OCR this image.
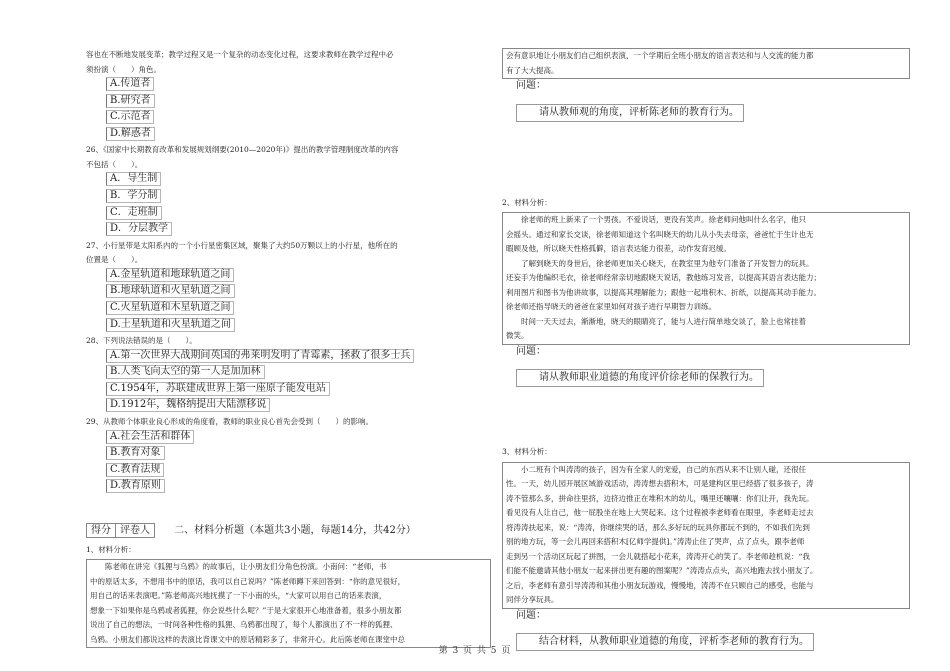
容也在不断地发展变革；教学过程又是一个复杂的动态变化过程，这要求教师在教学过程中必

须扮演（　　）角色。

A.传道者

B.研究者

C.示范者

D.解惑者

26、《国家中长期教育改革和发展规划纲要(2010—2020年)》提出的教学管理制度改革的内容

不包括（　　）。

A．导生制

B．学分制

C．走班制

D．分层教学

27、小行星带是太阳系内的一个小行星密集区域，聚集了大约50万颗以上的小行星，他所在的

位置是（　　）。

A.金星轨道和地球轨道之间

B.地球轨道和火星轨道之间

C.火星轨道和木星轨道之间

D.土星轨道和火星轨道之间

28、下列说法错误的是（　　）。

A.第一次世界大战期间英国的弗莱明发明了青霉素，拯救了很多士兵

B.人类飞向太空的第一人是加加林

C.1954年，苏联建成世界上第一座原子能发电站

D.1912年，魏格纳提出大陆漂移说

29、从教师个体职业良心形成的角度看，教师的职业良心首先会受到（　　）的影响。

A.社会生活和群体

B.教育对象

C.教育法规

D.教育原则

得分 评卷人 二、材料分析题（本题共3小题，每题14分，共42分）

1、材料分析：

　　陈老师在讲完《狐狸与乌鸦》的故事后，让小朋友们分角色扮演。小南问：“老师，书

中的原话太多，不想用书中的原话，我可以自己说吗？”陈老师蹲下来回答到：“你的意见很好，

用自己的话来表演吧。”陈老师高兴地抚摸了一下小南的头，“大家可以用自己的话来表演，

想象一下如果你是乌鸦或者狐狸，你会说些什么呢？”于是大家很开心地准备着，很多小朋友都

说出了自己的想法，一时间各种性格的狐狸、乌鸦都出现了，每个人都演出了不一样的狐狸、

乌鸦。小朋友们都说这样的表演比背课文中的原话精彩多了，非常开心。此后陈老师在课堂中总

会有意识地让小朋友们自己组织表演，一个学期后全班小朋友的语言表达和与人交流的能力都

有了大大提高。

问题：

请从教师观的角度，评析陈老师的教育行为。

2、材料分析：

　　徐老师的班上新来了一个男孩。不爱说话，更没有笑声。徐老师问他叫什么名字，他只

会摇头。通过和家长交谈，徐老师知道这个名叫晓天的幼儿从小失去母亲，爸爸忙于生计也无

暇顾及他，所以晓天性格孤僻，语言表达能力很差，动作发育迟缓。

　　了解到晓天的身世后，徐老师更加关心晓天，在教室里为他专门准备了开发智力的玩具。

还妄手为他编织毛衣，徐老师经常亲切地跟晓天说话，教他练习发音，以提高其语言表达能力；

利用图片和图书为他讲故事，以提高其理解能力；跟他一起堆积木、折纸，以提高其动手能力。

徐老师还指导晓天的爸爸在家里如何对孩子进行早期智力训练。

　　时间一天天过去，渐渐地，晓天的眼睛亮了，能与人进行简单地交谈了，脸上也常挂着

微笑。

问题：

请从教师职业道德的角度评价徐老师的保教行为。

3、材料分析：

　　小二班有个叫涛涛的孩子，因为有全家人的宠爱，自己的东西从来不让别人碰，还很任

性。一天，幼儿园开展区域游戏活动，涛涛想去搭积木，可是建构区里已经搭了很多孩子，涛

涛不管那么多，拼命往里挤，边挤边推正在堆积木的幼儿，嘴里还嚷嚷：你们让开，我先玩。

看见没有人让自己，他一屁股坐在地上大哭起来。这个过程被李老师看在眼里，李老师走过去

将涛涛扶起来，说：“涛涛，你继续哭的话，那么多好玩的玩具你都玩不到的，不如我们先到

别的地方玩，等一会儿再回来搭积木[亿师学提供]。”涛涛止住了哭声，点了点头，跟李老师

走到另一个活动区玩起了拼图，一会儿就搭起小花来，涛涛开心的笑了。李老师趁机说：“我

们能不能邀请其他小朋友一起来拼出更有趣的图案呢？”涛涛点点头，高兴地跑去找小朋友了。

之后，李老师有意引导涛涛和其他小朋友玩游戏，慢慢地，涛涛不在只顾自己的感受，也能与

同伴分享玩具。

问题：

结合材料，从教师职业道德的角度，评析李老师的教育行为。

第 3 页 共 5 页
